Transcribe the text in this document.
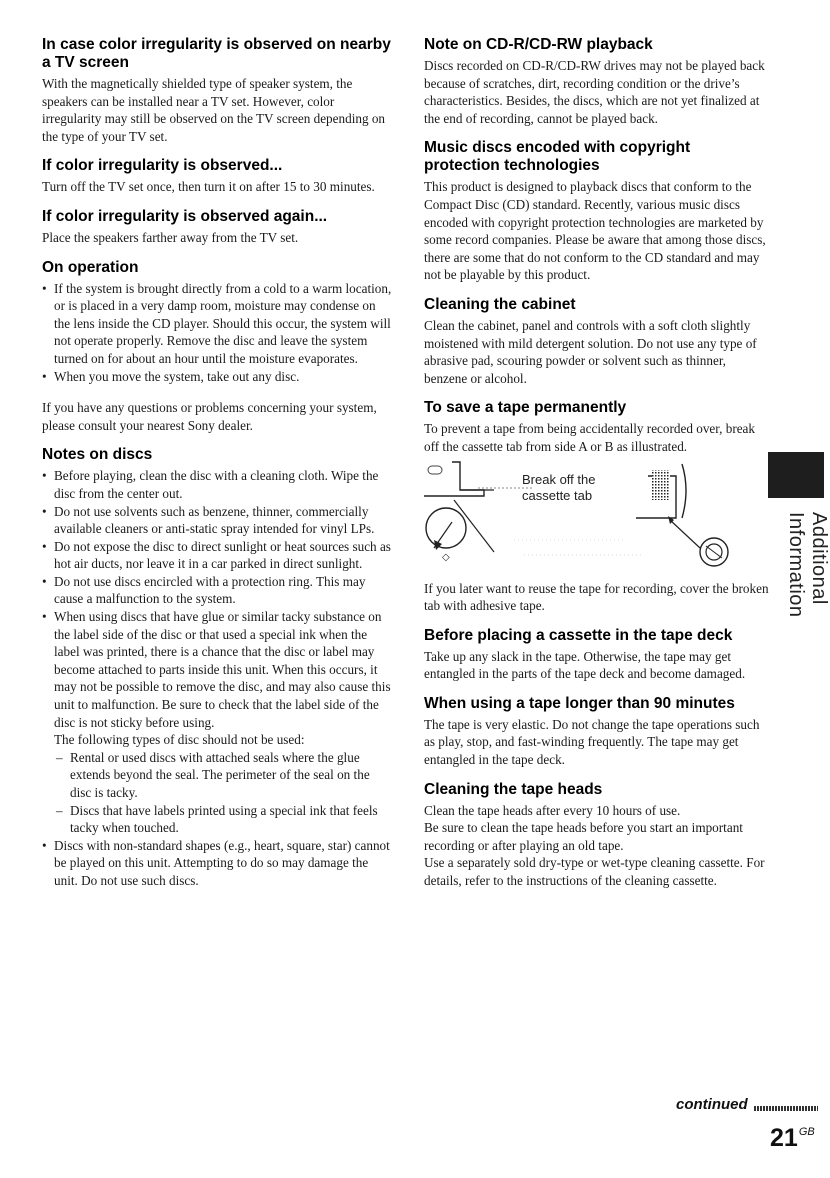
In case color irregularity is observed on nearby a TV screen

With the magnetically shielded type of speaker system, the speakers can be installed near a TV set. However, color irregularity may still be observed on the TV screen depending on the type of your TV set.

If color irregularity is observed...

Turn off the TV set once, then turn it on after 15 to 30 minutes.

If color irregularity is observed again...

Place the speakers farther away from the TV set.

On operation
• If the system is brought directly from a cold to a warm location, or is placed in a very damp room, moisture may condense on the lens inside the CD player. Should this occur, the system will not operate properly. Remove the disc and leave the system turned on for about an hour until the moisture evaporates.
• When you move the system, take out any disc.

If you have any questions or problems concerning your system, please consult your nearest Sony dealer.

Notes on discs
• Before playing, clean the disc with a cleaning cloth. Wipe the disc from the center out.
• Do not use solvents such as benzene, thinner, commercially available cleaners or anti-static spray intended for vinyl LPs.
• Do not expose the disc to direct sunlight or heat sources such as hot air ducts, nor leave it in a car parked in direct sunlight.
• Do not use discs encircled with a protection ring. This may cause a malfunction to the system.
• When using discs that have glue or similar tacky substance on the label side of the disc or that used a special ink when the label was printed, there is a chance that the disc or label may become attached to parts inside this unit. When this occurs, it may not be possible to remove the disc, and may also cause this unit to malfunction. Be sure to check that the label side of the disc is not sticky before using.
The following types of disc should not be used:
– Rental or used discs with attached seals where the glue extends beyond the seal. The perimeter of the seal on the disc is tacky.
– Discs that have labels printed using a special ink that feels tacky when touched.
• Discs with non-standard shapes (e.g., heart, square, star) cannot be played on this unit. Attempting to do so may damage the unit. Do not use such discs.
Note on CD-R/CD-RW playback

Discs recorded on CD-R/CD-RW drives may not be played back because of scratches, dirt, recording condition or the drive’s characteristics. Besides, the discs, which are not yet finalized at the end of recording, cannot be played back.

Music discs encoded with copyright protection technologies

This product is designed to playback discs that conform to the Compact Disc (CD) standard. Recently, various music discs encoded with copyright protection technologies are marketed by some record companies. Please be aware that among those discs, there are some that do not conform to the CD standard and may not be playable by this product.

Cleaning the cabinet

Clean the cabinet, panel and controls with a soft cloth slightly moistened with mild detergent solution. Do not use any type of abrasive pad, scouring powder or solvent such as thinner, benzene or alcohol.

To save a tape permanently

To prevent a tape from being accidentally recorded over, break off the cassette tab from side A or B as illustrated.

◇
Break off the
cassette tab

If you later want to reuse the tape for recording, cover the broken tab with adhesive tape.

Before placing a cassette in the tape deck

Take up any slack in the tape. Otherwise, the tape may get entangled in the parts of the tape deck and become damaged.

When using a tape longer than 90 minutes

The tape is very elastic. Do not change the tape operations such as play, stop, and fast-winding frequently. The tape may get entangled in the tape deck.

Cleaning the tape heads

Clean the tape heads after every 10 hours of use.

Be sure to clean the tape heads before you start an important recording or after playing an old tape.

Use a separately sold dry-type or wet-type cleaning cassette. For details, refer to the instructions of the cleaning cassette.

Additional Information
continued
$21^{GB}$
